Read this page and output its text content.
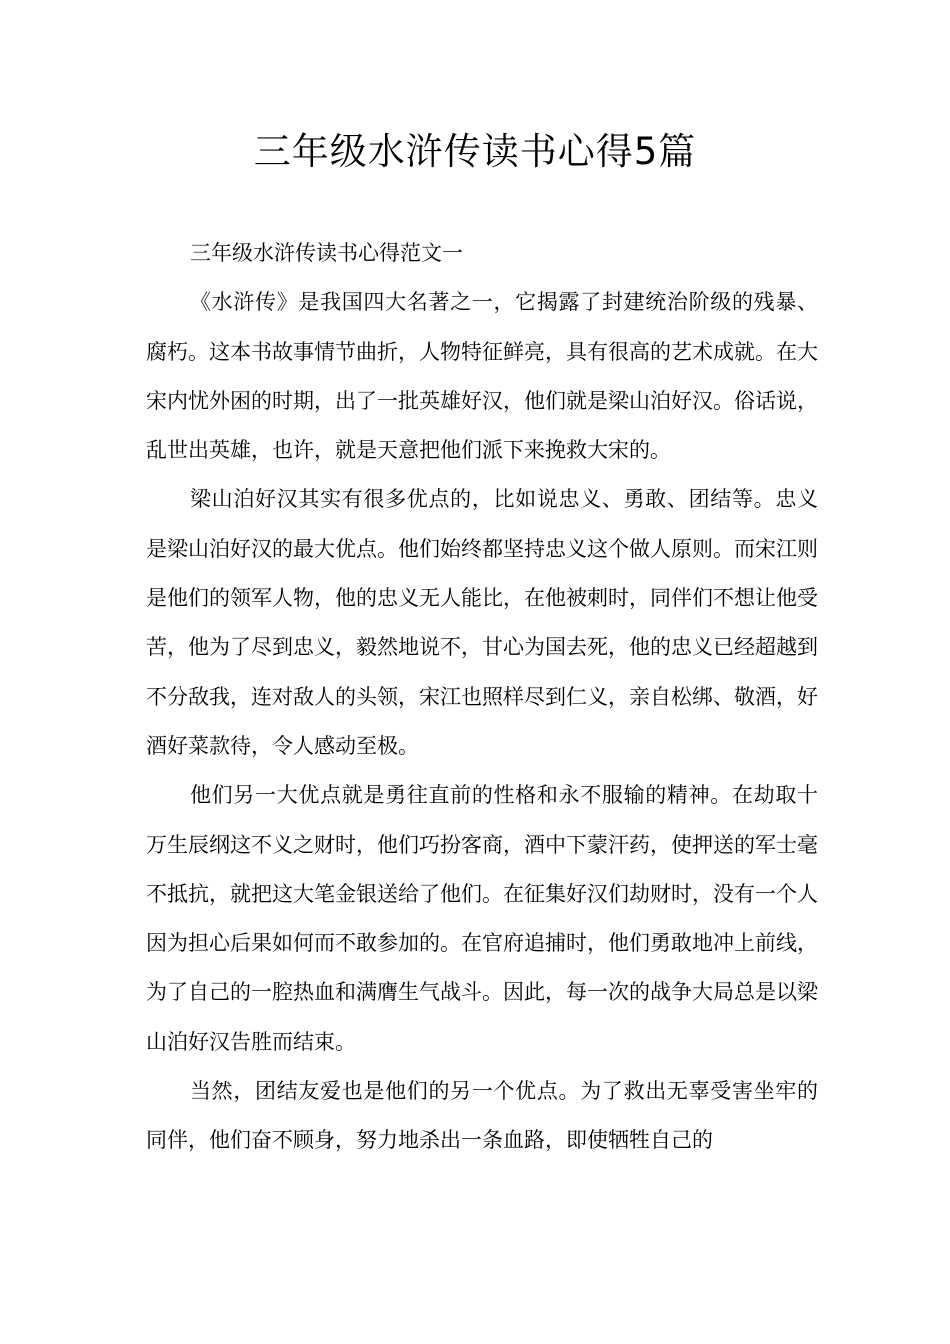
三年级水浒传读书心得5篇

三年级水浒传读书心得范文一

《水浒传》是我国四大名著之一，它揭露了封建统治阶级的残暴、腐朽。这本书故事情节曲折，人物特征鲜亮，具有很高的艺术成就。在大宋内忧外困的时期，出了一批英雄好汉，他们就是梁山泊好汉。俗话说，乱世出英雄，也许，就是天意把他们派下来挽救大宋的。

梁山泊好汉其实有很多优点的，比如说忠义、勇敢、团结等。忠义是梁山泊好汉的最大优点。他们始终都坚持忠义这个做人原则。而宋江则是他们的领军人物，他的忠义无人能比，在他被刺时，同伴们不想让他受苦，他为了尽到忠义，毅然地说不，甘心为国去死，他的忠义已经超越到不分敌我，连对敌人的头领，宋江也照样尽到仁义，亲自松绑、敬酒，好酒好菜款待，令人感动至极。

他们另一大优点就是勇往直前的性格和永不服输的精神。在劫取十万生辰纲这不义之财时，他们巧扮客商，酒中下蒙汗药，使押送的军士毫不抵抗，就把这大笔金银送给了他们。在征集好汉们劫财时，没有一个人因为担心后果如何而不敢参加的。在官府追捕时，他们勇敢地冲上前线，为了自己的一腔热血和满膺生气战斗。因此，每一次的战争大局总是以梁山泊好汉告胜而结束。

当然，团结友爱也是他们的另一个优点。为了救出无辜受害坐牢的同伴，他们奋不顾身，努力地杀出一条血路，即使牺牲自己的
